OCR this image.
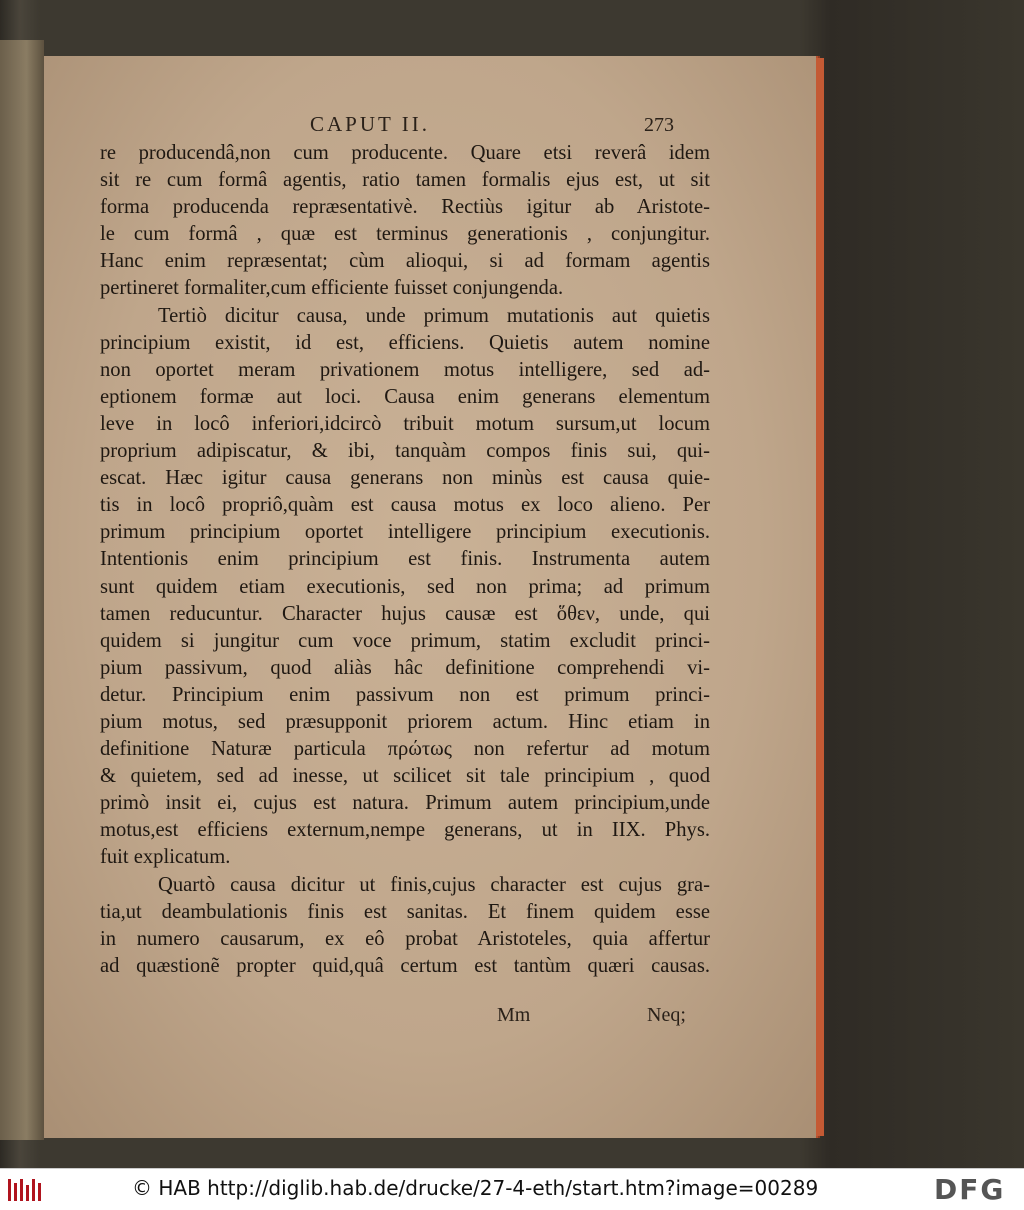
CAPUT II.	273
re producendâ,non cum producente. Quare etsi reverâ idem
sit re cum formâ agentis, ratio tamen formalis ejus est, ut sit
forma producenda repræsentativè. Rectiùs igitur ab Aristote-
le cum formâ , quæ est terminus generationis , conjungitur.
Hanc enim repræsentat; cùm alioqui, si ad formam agentis
pertineret formaliter,cum efficiente fuisset conjungenda.
Tertiò dicitur causa, unde primum mutationis aut quietis
principium existit, id est, efficiens. Quietis autem nomine
non oportet meram privationem motus intelligere, sed ad-
eptionem formæ aut loci. Causa enim generans elementum
leve in locô inferiori,idcircò tribuit motum sursum,ut locum
proprium adipiscatur, & ibi, tanquàm compos finis sui, qui-
escat. Hæc igitur causa generans non minùs est causa quie-
tis in locô propriô,quàm est causa motus ex loco alieno. Per
primum principium oportet intelligere principium executionis.
Intentionis enim principium est finis. Instrumenta autem
sunt quidem etiam executionis, sed non prima; ad primum
tamen reducuntur. Character hujus causæ est ὅθεν, unde, qui
quidem si jungitur cum voce primum, statim excludit princi-
pium passivum, quod aliàs hâc definitione comprehendi vi-
detur. Principium enim passivum non est primum princi-
pium motus, sed præsupponit priorem actum. Hinc etiam in
definitione Naturæ particula πρώτως non refertur ad motum
& quietem, sed ad inesse, ut scilicet sit tale principium , quod
primò insit ei, cujus est natura. Primum autem principium,unde
motus,est efficiens externum,nempe generans, ut in IIX. Phys.
fuit explicatum.
Quartò causa dicitur ut finis,cujus character est cujus gra-
tia,ut deambulationis finis est sanitas. Et finem quidem esse
in numero causarum, ex eô probat Aristoteles, quia affertur
ad quæstionẽ propter quid,quâ certum est tantùm quæri causas.
Mm	Neq;
© HAB http://diglib.hab.de/drucke/27-4-eth/start.htm?image=00289	DFG
